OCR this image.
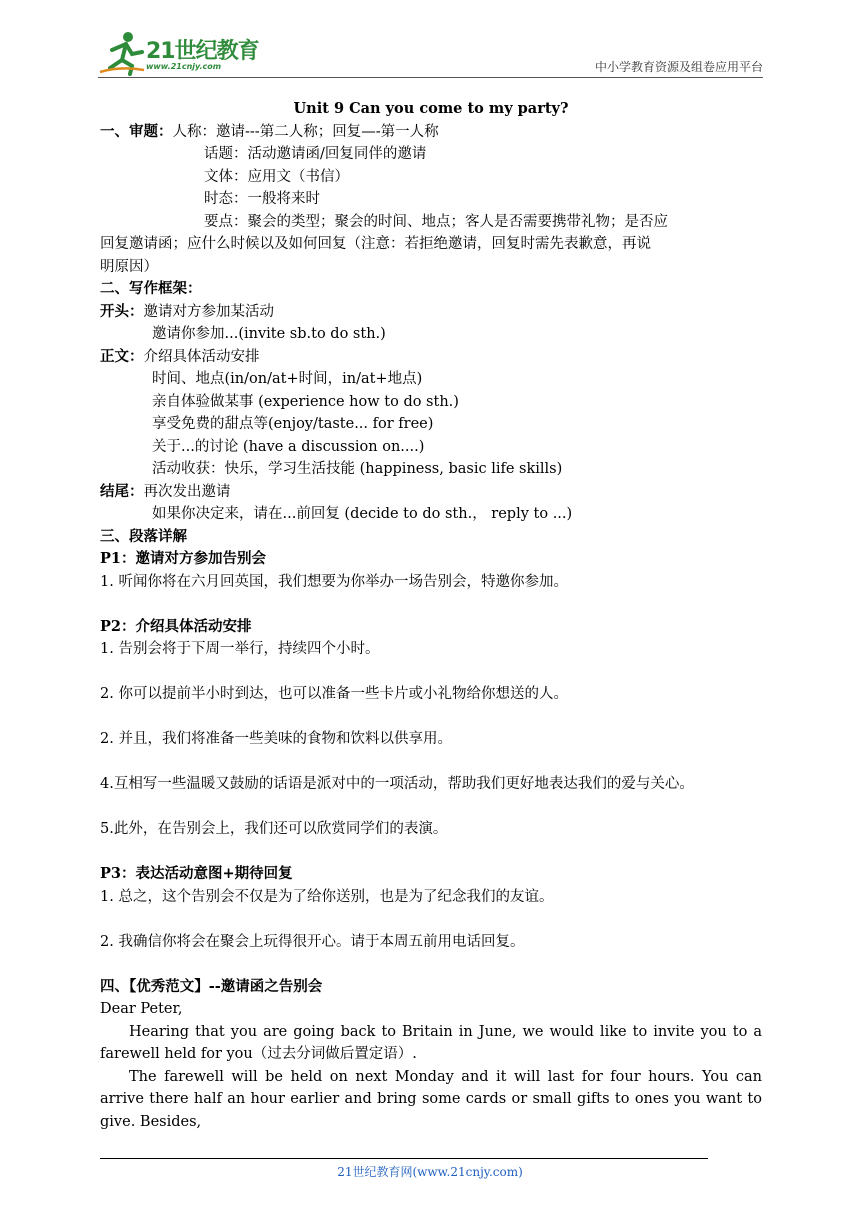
21世纪教育
www.21cnjy.com	中小学教育资源及组卷应用平台

Unit 9 Can you come to my party?

一、审题：人称：邀请---第二人称；回复—-第一人称

话题：活动邀请函/回复同伴的邀请

文体：应用文（书信）

时态：一般将来时

要点：聚会的类型；聚会的时间、地点；客人是否需要携带礼物；是否应

回复邀请函；应什么时候以及如何回复（注意：若拒绝邀请，回复时需先表歉意，再说

明原因）

二、写作框架：

开头：邀请对方参加某活动

邀请你参加...(invite sb.to do sth.)

正文：介绍具体活动安排

时间、地点(in/on/at+时间，in/at+地点)

亲自体验做某事 (experience how to do sth.)

享受免费的甜点等(enjoy/taste... for free)

关于...的讨论 (have a discussion on....)

活动收获：快乐，学习生活技能 (happiness, basic life skills)

结尾：再次发出邀请

如果你决定来，请在...前回复 (decide to do sth.， reply to ...)

三、段落详解

P1：邀请对方参加告别会

1. 听闻你将在六月回英国，我们想要为你举办一场告别会，特邀你参加。

P2：介绍具体活动安排

1. 告别会将于下周一举行，持续四个小时。

2. 你可以提前半小时到达，也可以准备一些卡片或小礼物给你想送的人。

2. 并且，我们将准备一些美味的食物和饮料以供享用。

4.互相写一些温暖又鼓励的话语是派对中的一项活动，帮助我们更好地表达我们的爱与关心。

5.此外，在告别会上，我们还可以欣赏同学们的表演。

P3：表达活动意图+期待回复

1. 总之，这个告别会不仅是为了给你送别，也是为了纪念我们的友谊。

2. 我确信你将会在聚会上玩得很开心。请于本周五前用电话回复。

四、【优秀范文】--邀请函之告别会

Dear Peter,

Hearing that you are going back to Britain in June, we would like to invite you to a farewell held for you（过去分词做后置定语）.

The farewell will be held on next Monday and it will last for four hours. You can arrive there half an hour earlier and bring some cards or small gifts to ones you want to give. Besides,

21世纪教育网(www.21cnjy.com)
